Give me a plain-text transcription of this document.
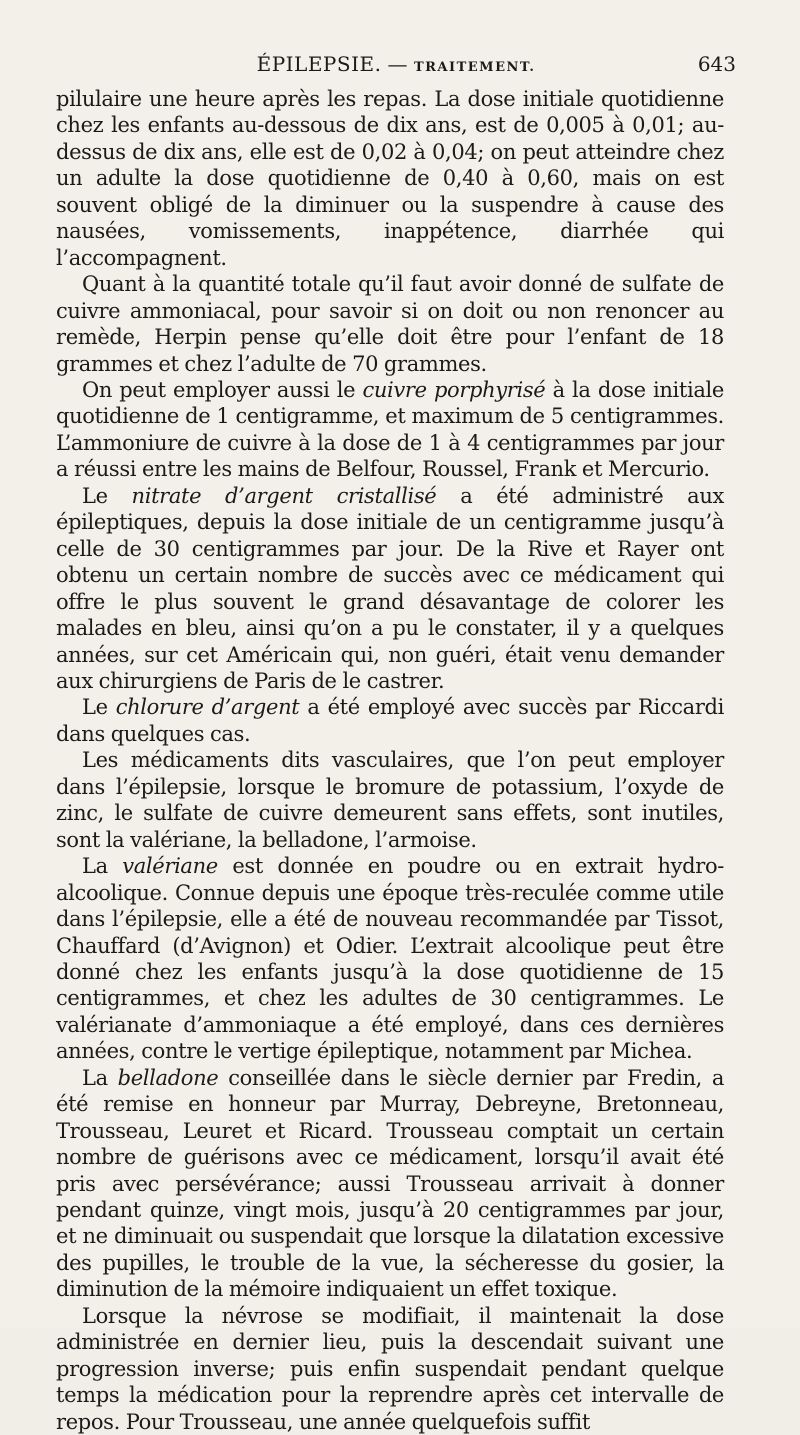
ÉPILEPSIE. — TRAITEMENT.	643

pilulaire une heure après les repas. La dose initiale quotidienne chez les enfants au-dessous de dix ans, est de 0,005 à 0,01; au-dessus de dix ans, elle est de 0,02 à 0,04; on peut atteindre chez un adulte la dose quotidienne de 0,40 à 0,60, mais on est souvent obligé de la diminuer ou la suspendre à cause des nausées, vomissements, inappétence, diarrhée qui l’accompagnent.

Quant à la quantité totale qu’il faut avoir donné de sulfate de cuivre ammoniacal, pour savoir si on doit ou non renoncer au remède, Herpin pense qu’elle doit être pour l’enfant de 18 grammes et chez l’adulte de 70 grammes.

On peut employer aussi le cuivre porphyrisé à la dose initiale quotidienne de 1 centigramme, et maximum de 5 centigrammes. L’ammoniure de cuivre à la dose de 1 à 4 centigrammes par jour a réussi entre les mains de Belfour, Roussel, Frank et Mercurio.

Le nitrate d’argent cristallisé a été administré aux épileptiques, depuis la dose initiale de un centigramme jusqu’à celle de 30 centigrammes par jour. De la Rive et Rayer ont obtenu un certain nombre de succès avec ce médicament qui offre le plus souvent le grand désavantage de colorer les malades en bleu, ainsi qu’on a pu le constater, il y a quelques années, sur cet Américain qui, non guéri, était venu demander aux chirurgiens de Paris de le castrer.

Le chlorure d’argent a été employé avec succès par Riccardi dans quelques cas.

Les médicaments dits vasculaires, que l’on peut employer dans l’épilepsie, lorsque le bromure de potassium, l’oxyde de zinc, le sulfate de cuivre demeurent sans effets, sont inutiles, sont la valériane, la belladone, l’armoise.

La valériane est donnée en poudre ou en extrait hydro-alcoolique. Connue depuis une époque très-reculée comme utile dans l’épilepsie, elle a été de nouveau recommandée par Tissot, Chauffard (d’Avignon) et Odier. L’extrait alcoolique peut être donné chez les enfants jusqu’à la dose quotidienne de 15 centigrammes, et chez les adultes de 30 centigrammes. Le valérianate d’ammoniaque a été employé, dans ces dernières années, contre le vertige épileptique, notamment par Michea.

La belladone conseillée dans le siècle dernier par Fredin, a été remise en honneur par Murray, Debreyne, Bretonneau, Trousseau, Leuret et Ricard. Trousseau comptait un certain nombre de guérisons avec ce médicament, lorsqu’il avait été pris avec persévérance; aussi Trousseau arrivait à donner pendant quinze, vingt mois, jusqu’à 20 centigrammes par jour, et ne diminuait ou suspendait que lorsque la dilatation excessive des pupilles, le trouble de la vue, la sécheresse du gosier, la diminution de la mémoire indiquaient un effet toxique.

Lorsque la névrose se modifiait, il maintenait la dose administrée en dernier lieu, puis la descendait suivant une progression inverse; puis enfin suspendait pendant quelque temps la médication pour la reprendre après cet intervalle de repos. Pour Trousseau, une année quelquefois suffit
